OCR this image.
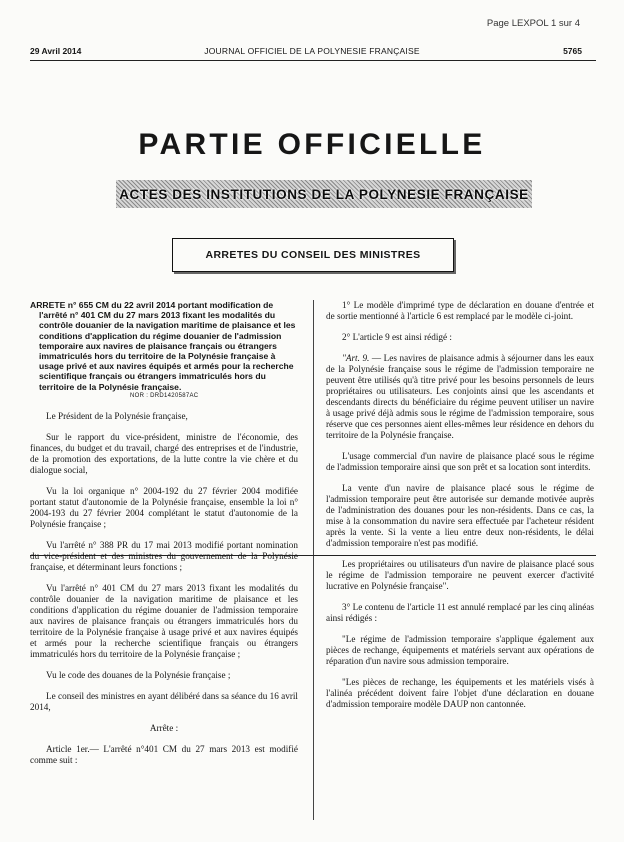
Page LEXPOL 1 sur 4
29 Avril 2014	JOURNAL OFFICIEL DE LA POLYNESIE FRANÇAISE	5765
PARTIE OFFICIELLE
ACTES DES INSTITUTIONS DE LA POLYNESIE FRANÇAISE
ARRETES DU CONSEIL DES MINISTRES

ARRETE n° 655 CM du 22 avril 2014 portant modification de
l'arrêté n° 401 CM du 27 mars 2013 fixant les modalités du contrôle douanier de la navigation maritime de plaisance et les conditions d'application du régime douanier de l'admission temporaire aux navires de plaisance français ou étrangers immatriculés hors du territoire de la Polynésie française à usage privé et aux navires équipés et armés pour la recherche scientifique français ou étrangers immatriculés hors du territoire de la Polynésie française.

NOR : DRD1420587AC

Le Président de la Polynésie française,

Sur le rapport du vice-président, ministre de l'économie, des finances, du budget et du travail, chargé des entreprises et de l'industrie, de la promotion des exportations, de la lutte contre la vie chère et du dialogue social,

Vu la loi organique n° 2004-192 du 27 février 2004 modifiée portant statut d'autonomie de la Polynésie française, ensemble la loi n° 2004-193 du 27 février 2004 complétant le statut d'autonomie de la Polynésie française ;

Vu l'arrêté n° 388 PR du 17 mai 2013 modifié portant nomination du vice-président et des ministres du gouvernement de la Polynésie française, et déterminant leurs fonctions ;

Vu l'arrêté n° 401 CM du 27 mars 2013 fixant les modalités du contrôle douanier de la navigation maritime de plaisance et les conditions d'application du régime douanier de l'admission temporaire aux navires de plaisance français ou étrangers immatriculés hors du territoire de la Polynésie française à usage privé et aux navires équipés et armés pour la recherche scientifique français ou étrangers immatriculés hors du territoire de la Polynésie française ;

Vu le code des douanes de la Polynésie française ;

Le conseil des ministres en ayant délibéré dans sa séance du 16 avril 2014,

Arrête :

Article 1er.— L'arrêté n°401 CM du 27 mars 2013 est modifié comme suit :

1° Le modèle d'imprimé type de déclaration en douane d'entrée et de sortie mentionné à l'article 6 est remplacé par le modèle ci-joint.

2° L'article 9 est ainsi rédigé :

"Art. 9. — Les navires de plaisance admis à séjourner dans les eaux de la Polynésie française sous le régime de l'admission temporaire ne peuvent être utilisés qu'à titre privé pour les besoins personnels de leurs propriétaires ou utilisateurs. Les conjoints ainsi que les ascendants et descendants directs du bénéficiaire du régime peuvent utiliser un navire à usage privé déjà admis sous le régime de l'admission temporaire, sous réserve que ces personnes aient elles-mêmes leur résidence en dehors du territoire de la Polynésie française.

L'usage commercial d'un navire de plaisance placé sous le régime de l'admission temporaire ainsi que son prêt et sa location sont interdits.

La vente d'un navire de plaisance placé sous le régime de l'admission temporaire peut être autorisée sur demande motivée auprès de l'administration des douanes pour les non-résidents. Dans ce cas, la mise à la consommation du navire sera effectuée par l'acheteur résident après la vente. Si la vente a lieu entre deux non-résidents, le délai d'admission temporaire n'est pas modifié.

Les propriétaires ou utilisateurs d'un navire de plaisance placé sous le régime de l'admission temporaire ne peuvent exercer d'activité lucrative en Polynésie française".

3° Le contenu de l'article 11 est annulé remplacé par les cinq alinéas ainsi rédigés :

"Le régime de l'admission temporaire s'applique également aux pièces de rechange, équipements et matériels servant aux opérations de réparation d'un navire sous admission temporaire.

"Les pièces de rechange, les équipements et les matériels visés à l'alinéa précédent doivent faire l'objet d'une déclaration en douane d'admission temporaire modèle DAUP non cantonnée.
